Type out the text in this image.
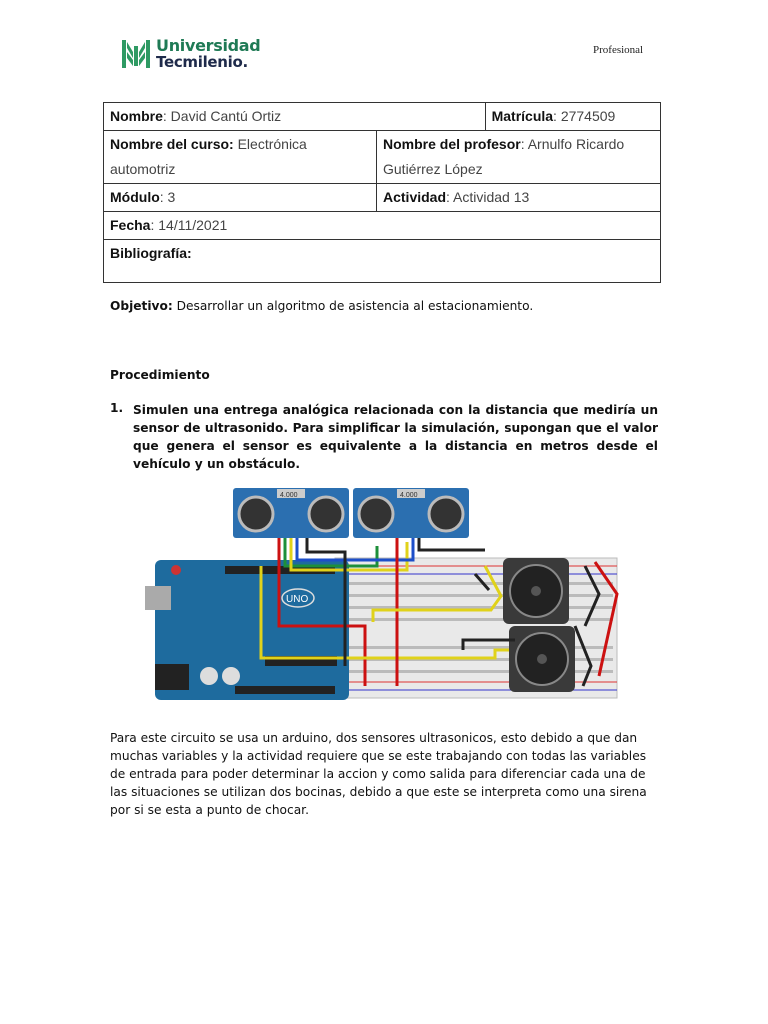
Universidad
Tecmilenio.
Profesional
Nombre: David Cantú Ortiz		Matrícula: 2774509
Nombre del curso: Electrónica automotriz	Nombre del profesor: Arnulfo Ricardo Gutiérrez López	
Módulo: 3	Actividad: Actividad 13	
Fecha: 14/11/2021		
Bibliografía:		
Objetivo: Desarrollar un algoritmo de asistencia al estacionamiento.
Procedimiento
1. Simulen una entrega analógica relacionada con la distancia que mediría un sensor de ultrasonido. Para simplificar la simulación, supongan que el valor que genera el sensor es equivalente a la distancia en metros desde el vehículo y un obstáculo.
UNO
4.000	4.000
Para este circuito se usa un arduino, dos sensores ultrasonicos, esto debido a que dan muchas variables y la actividad requiere que se este trabajando con todas las variables de entrada para poder determinar la accion y como salida para diferenciar cada una de las situaciones se utilizan dos bocinas, debido a que este se interpreta como una sirena por si se esta a punto de chocar.
